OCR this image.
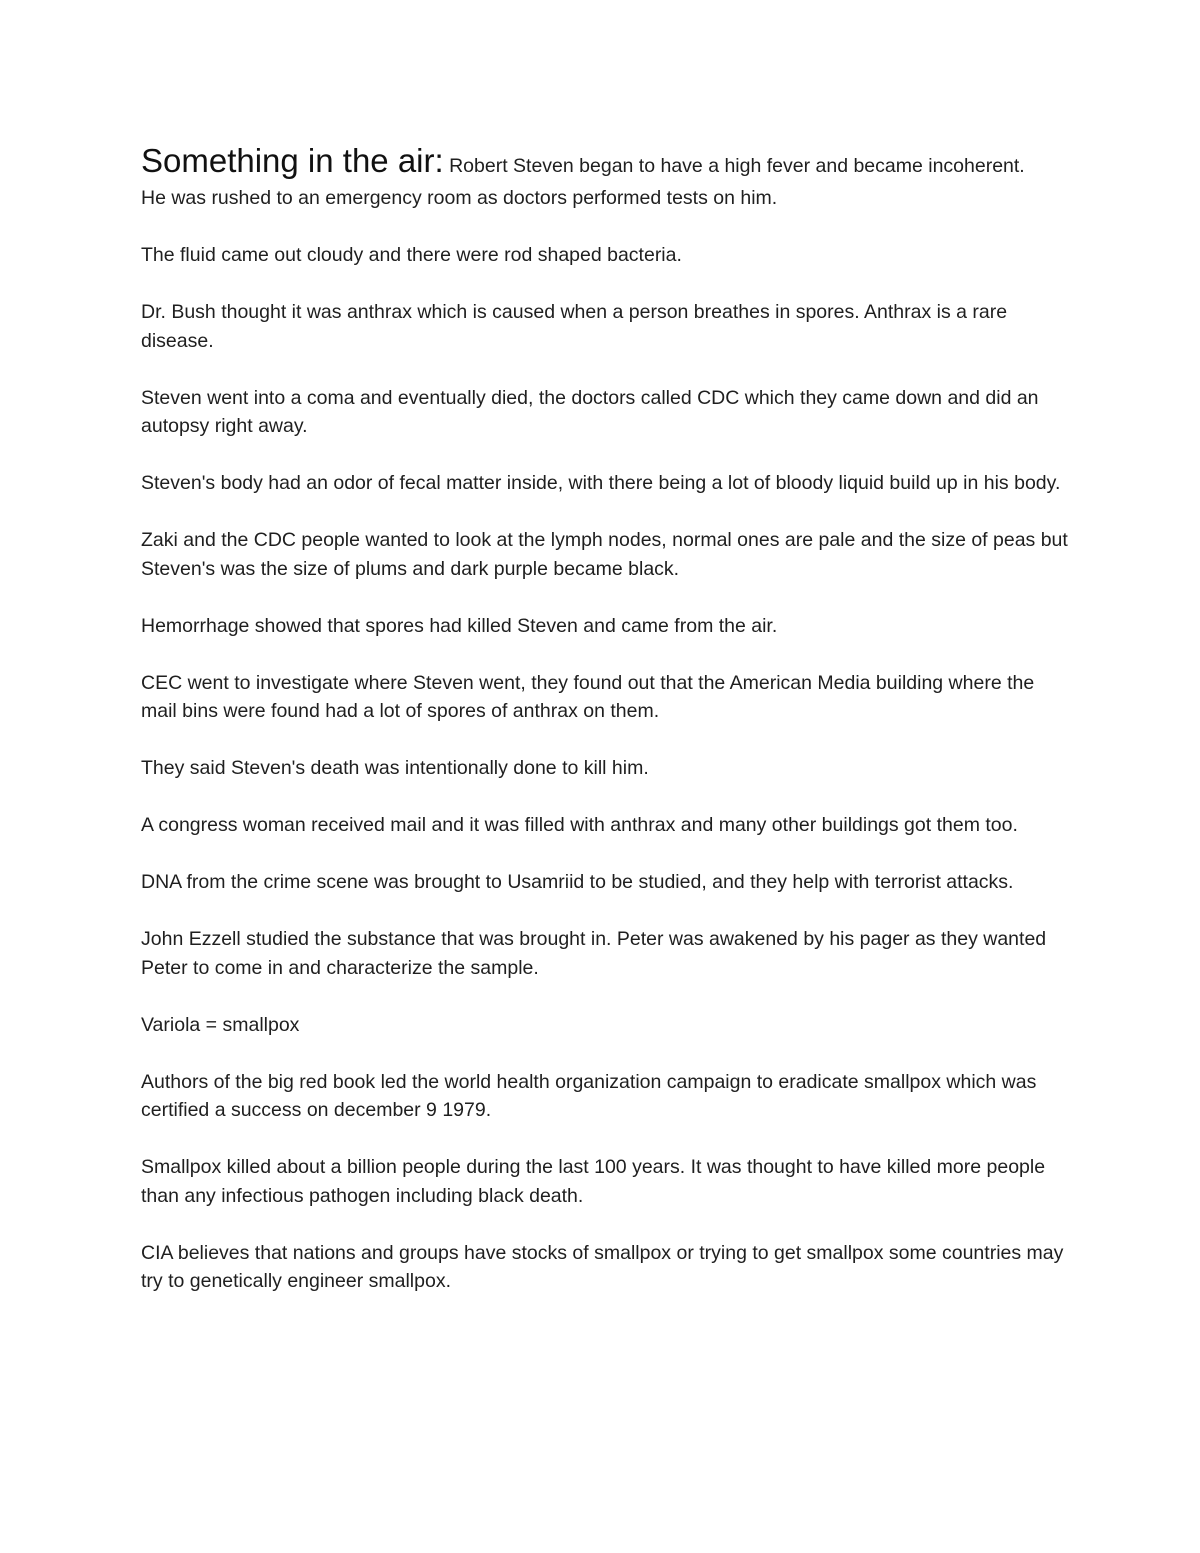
Something in the air: Robert Steven began to have a high fever and became incoherent.

He was rushed to an emergency room as doctors performed tests on him.

The fluid came out cloudy and there were rod shaped bacteria.

Dr. Bush thought it was anthrax which is caused when a person breathes in spores. Anthrax is a rare disease.

Steven went into a coma and eventually died, the doctors called CDC which they came down and did an autopsy right away.

Steven's body had an odor of fecal matter inside, with there being a lot of bloody liquid build up in his body.

Zaki and the CDC people wanted to look at the lymph nodes, normal ones are pale and the size of peas but Steven's was the size of plums and dark purple became black.

Hemorrhage showed that spores had killed Steven and came from the air.

CEC went to investigate where Steven went, they found out that the American Media building where the mail bins were found had a lot of spores of anthrax on them.

They said Steven's death was intentionally done to kill him.

A congress woman received mail and it was filled with anthrax and many other buildings got them too.

DNA from the crime scene was brought to Usamriid to be studied, and they help with terrorist attacks.

John Ezzell studied the substance that was brought in. Peter was awakened by his pager as they wanted Peter to come in and characterize the sample.

Variola = smallpox

Authors of the big red book led the world health organization campaign to eradicate smallpox which was certified a success on december 9 1979.

Smallpox killed about a billion people during the last 100 years. It was thought to have killed more people than any infectious pathogen including black death.

CIA believes that nations and groups have stocks of smallpox or trying to get smallpox some countries may try to genetically engineer smallpox.
